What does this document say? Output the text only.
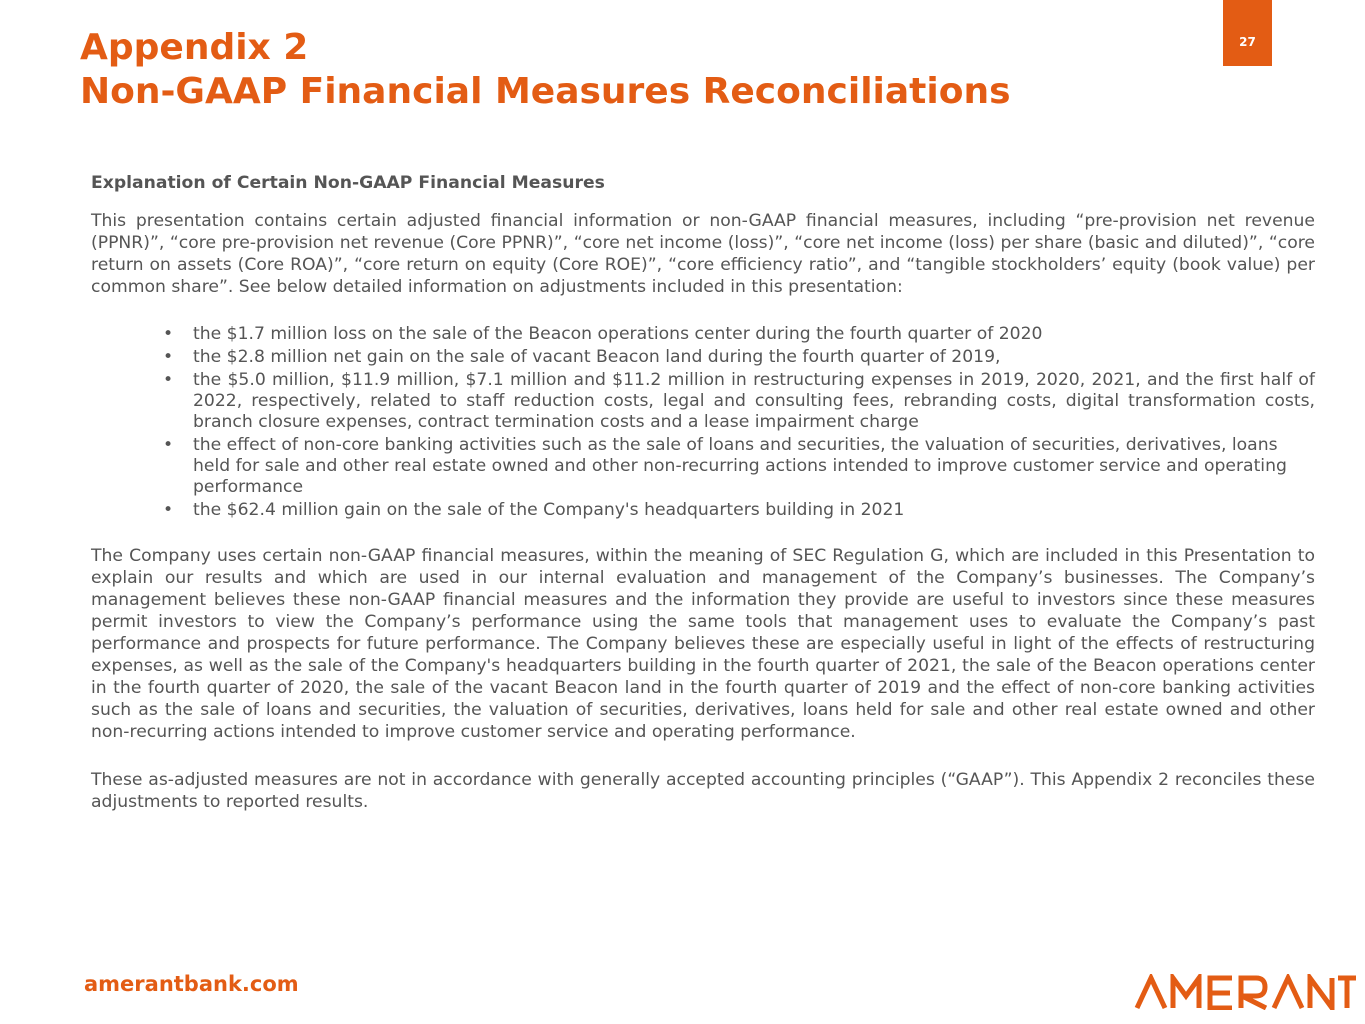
Appendix 2
Non-GAAP Financial Measures Reconciliations
27

Explanation of Certain Non-GAAP Financial Measures

This presentation contains certain adjusted financial information or non-GAAP financial measures, including “pre-provision net revenue (PPNR)”, “core pre-provision net revenue (Core PPNR)”, “core net income (loss)”, “core net income (loss) per share (basic and diluted)”, “core return on assets (Core ROA)”, “core return on equity (Core ROE)”, “core efficiency ratio”, and “tangible stockholders’ equity (book value) per common share”. See below detailed information on adjustments included in this presentation:

• the $1.7 million loss on the sale of the Beacon operations center during the fourth quarter of 2020
• the $2.8 million net gain on the sale of vacant Beacon land during the fourth quarter of 2019,
• the $5.0 million, $11.9 million, $7.1 million and $11.2 million in restructuring expenses in 2019, 2020, 2021, and the first half of 2022, respectively, related to staff reduction costs, legal and consulting fees, rebranding costs, digital transformation costs, branch closure expenses, contract termination costs and a lease impairment charge
• the effect of non-core banking activities such as the sale of loans and securities, the valuation of securities, derivatives, loans held for sale and other real estate owned and other non-recurring actions intended to improve customer service and operating performance
• the $62.4 million gain on the sale of the Company's headquarters building in 2021

The Company uses certain non-GAAP financial measures, within the meaning of SEC Regulation G, which are included in this Presentation to explain our results and which are used in our internal evaluation and management of the Company’s businesses. The Company’s management believes these non-GAAP financial measures and the information they provide are useful to investors since these measures permit investors to view the Company’s performance using the same tools that management uses to evaluate the Company’s past performance and prospects for future performance. The Company believes these are especially useful in light of the effects of restructuring expenses, as well as the sale of the Company's headquarters building in the fourth quarter of 2021, the sale of the Beacon operations center in the fourth quarter of 2020, the sale of the vacant Beacon land in the fourth quarter of 2019 and the effect of non-core banking activities such as the sale of loans and securities, the valuation of securities, derivatives, loans held for sale and other real estate owned and other non-recurring actions intended to improve customer service and operating performance.

These as-adjusted measures are not in accordance with generally accepted accounting principles (“GAAP”). This Appendix 2 reconciles these adjustments to reported results.

amerantbank.com	AMERANT
